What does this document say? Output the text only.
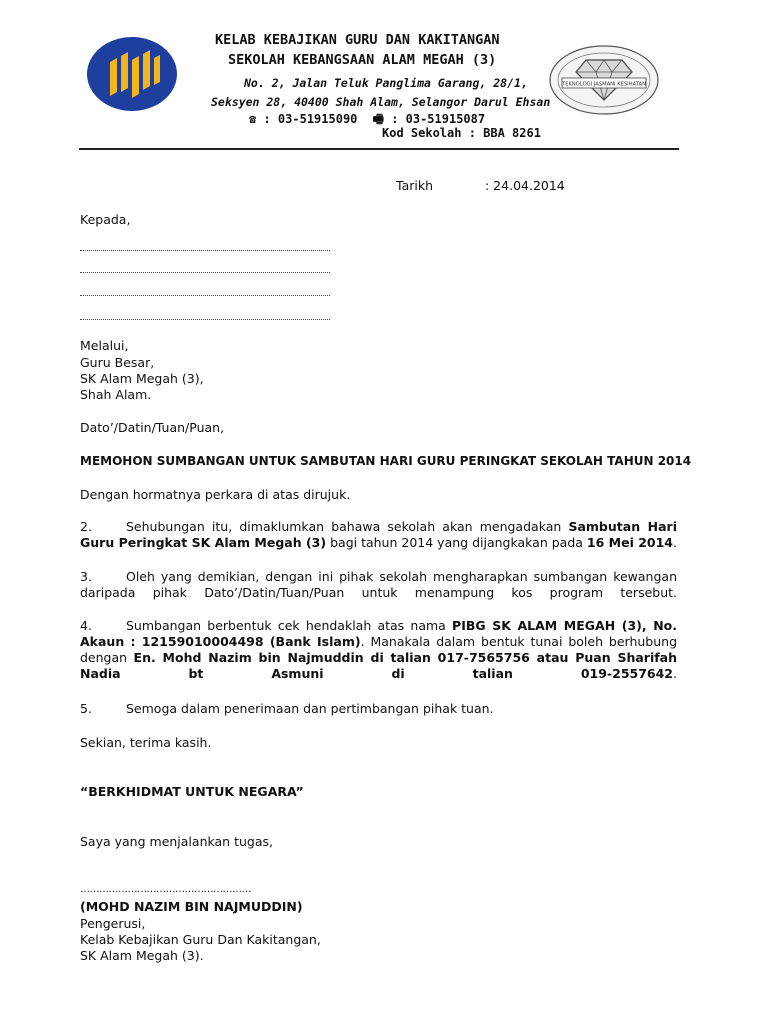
KELAB KEBAJIKAN GURU DAN KAKITANGAN
SEKOLAH KEBANGSAAN ALAM MEGAH (3)
No. 2, Jalan Teluk Panglima Garang, 28/1,
Seksyen 28, 40400 Shah Alam, Selangor Darul Ehsan
☎ : 03-51915090 🖷 : 03-51915087
Kod Sekolah : BBA 8261
TEKNOLOGI JASMANI KESIHATAN
Tarikh	: 24.04.2014
Kepada,
Melalui,
Guru Besar,
SK Alam Megah (3),
Shah Alam.
Dato’/Datin/Tuan/Puan,
MEMOHON SUMBANGAN UNTUK SAMBUTAN HARI GURU PERINGKAT SEKOLAH TAHUN 2014
Dengan hormatnya perkara di atas dirujuk.
2.	Sehubungan itu, dimaklumkan bahawa sekolah akan mengadakan Sambutan Hari Guru Peringkat SK Alam Megah (3) bagi tahun 2014 yang dijangkakan pada 16 Mei 2014.
3.	Oleh yang demikian, dengan ini pihak sekolah mengharapkan sumbangan kewangan daripada pihak Dato’/Datin/Tuan/Puan untuk menampung kos program tersebut.
4.	Sumbangan berbentuk cek hendaklah atas nama PIBG SK ALAM MEGAH (3), No. Akaun : 12159010004498 (Bank Islam). Manakala dalam bentuk tunai boleh berhubung dengan En. Mohd Nazim bin Najmuddin di talian 017-7565756 atau Puan Sharifah Nadia bt Asmuni di talian 019-2557642.
5.	Semoga dalam penerimaan dan pertimbangan pihak tuan.
Sekian, terima kasih.
“BERKHIDMAT UNTUK NEGARA”
Saya yang menjalankan tugas,
………………………………………………
(MOHD NAZIM BIN NAJMUDDIN)
Pengerusi,
Kelab Kebajikan Guru Dan Kakitangan,
SK Alam Megah (3).
